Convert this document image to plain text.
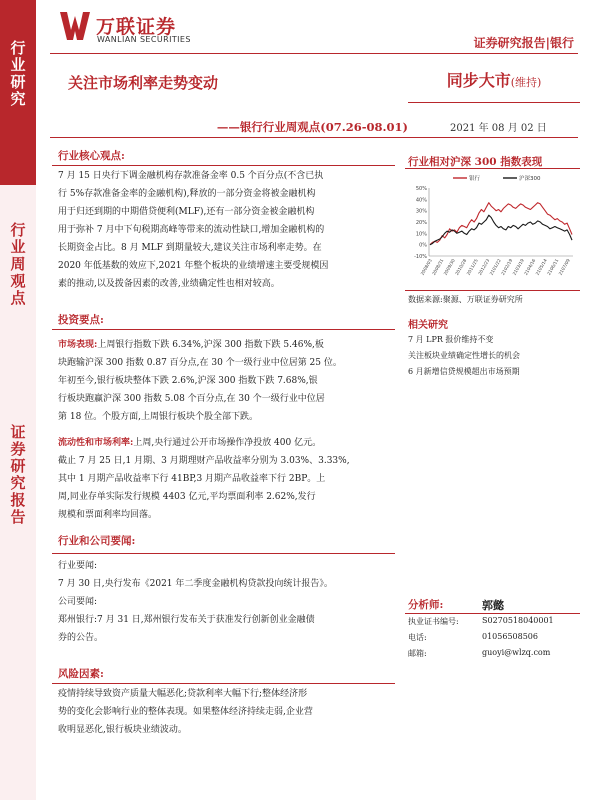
万联证券
WANLIAN SECURITIES	证券研究报告|银行
行
业
研
究
行
业
周
观
点
证
券
研
究
报
告
关注市场利率走势变动
——银行行业周观点(07.26-08.01)
同步大市(维持)
2021 年 08 月 02 日
行业核心观点:
7 月 15 日央行下调金融机构存款准备金率 0.5 个百分点(不含已执
行 5%存款准备金率的金融机构),释放的一部分资金将被金融机构
用于归还到期的中期借贷便利(MLF),还有一部分资金被金融机构
用于弥补 7 月中下旬税期高峰等带来的流动性缺口,增加金融机构的
长期资金占比。8 月 MLF 到期量较大,建议关注市场利率走势。在
2020 年低基数的效应下,2021 年整个板块的业绩增速主要受规模因
素的推动,以及拨备因素的改善,业绩确定性也相对较高。
投资要点:
市场表现:上周银行指数下跌 6.34%,沪深 300 指数下跌 5.46%,板
块跑输沪深 300 指数 0.87 百分点,在 30 个一级行业中位居第 25 位。
年初至今,银行板块整体下跌 2.6%,沪深 300 指数下跌 7.68%,银
行板块跑赢沪深 300 指数 5.08 个百分点,在 30 个一级行业中位居
第 18 位。个股方面,上周银行板块个股全部下跌。
流动性和市场利率:上周,央行通过公开市场操作净投放 400 亿元。
截止 7 月 25 日,1 月期、3 月期理财产品收益率分别为 3.03%、3.33%,
其中 1 月期产品收益率下行 41BP,3 月期产品收益率下行 2BP。上
周,同业存单实际发行规模 4403 亿元,平均票面利率 2.62%,发行
规模和票面利率均回落。
行业和公司要闻:
行业要闻:
7 月 30 日,央行发布《2021 年二季度金融机构贷款投向统计报告》。
公司要闻:
郑州银行:7 月 31 日,郑州银行发布关于获准发行创新创业金融债
券的公告。
风险因素:
疫情持续导致资产质量大幅恶化;贷款利率大幅下行;整体经济形
势的变化会影响行业的整体表现。如果整体经济持续走弱,企业营
收明显恶化,银行板块业绩波动。
行业相对沪深 300 指数表现
-10%
0%
10%
20%
30%
40%
50%
2008/03
2008/31
2009/30
2010/28
2011/25
2012/23
2101/22
2102/19
2103/19
2104/16
2105/14
2106/11
2107/09
银行	沪深300
数据来源:聚源、万联证券研究所
相关研究
7 月 LPR 报价维持不变
关注板块业绩确定性增长的机会
6 月新增信贷规模超出市场预期
分析师:	郭懿
执业证书编号:	S0270518040001
电话:	01056508506
邮箱:	guoyi@wlzq.com
